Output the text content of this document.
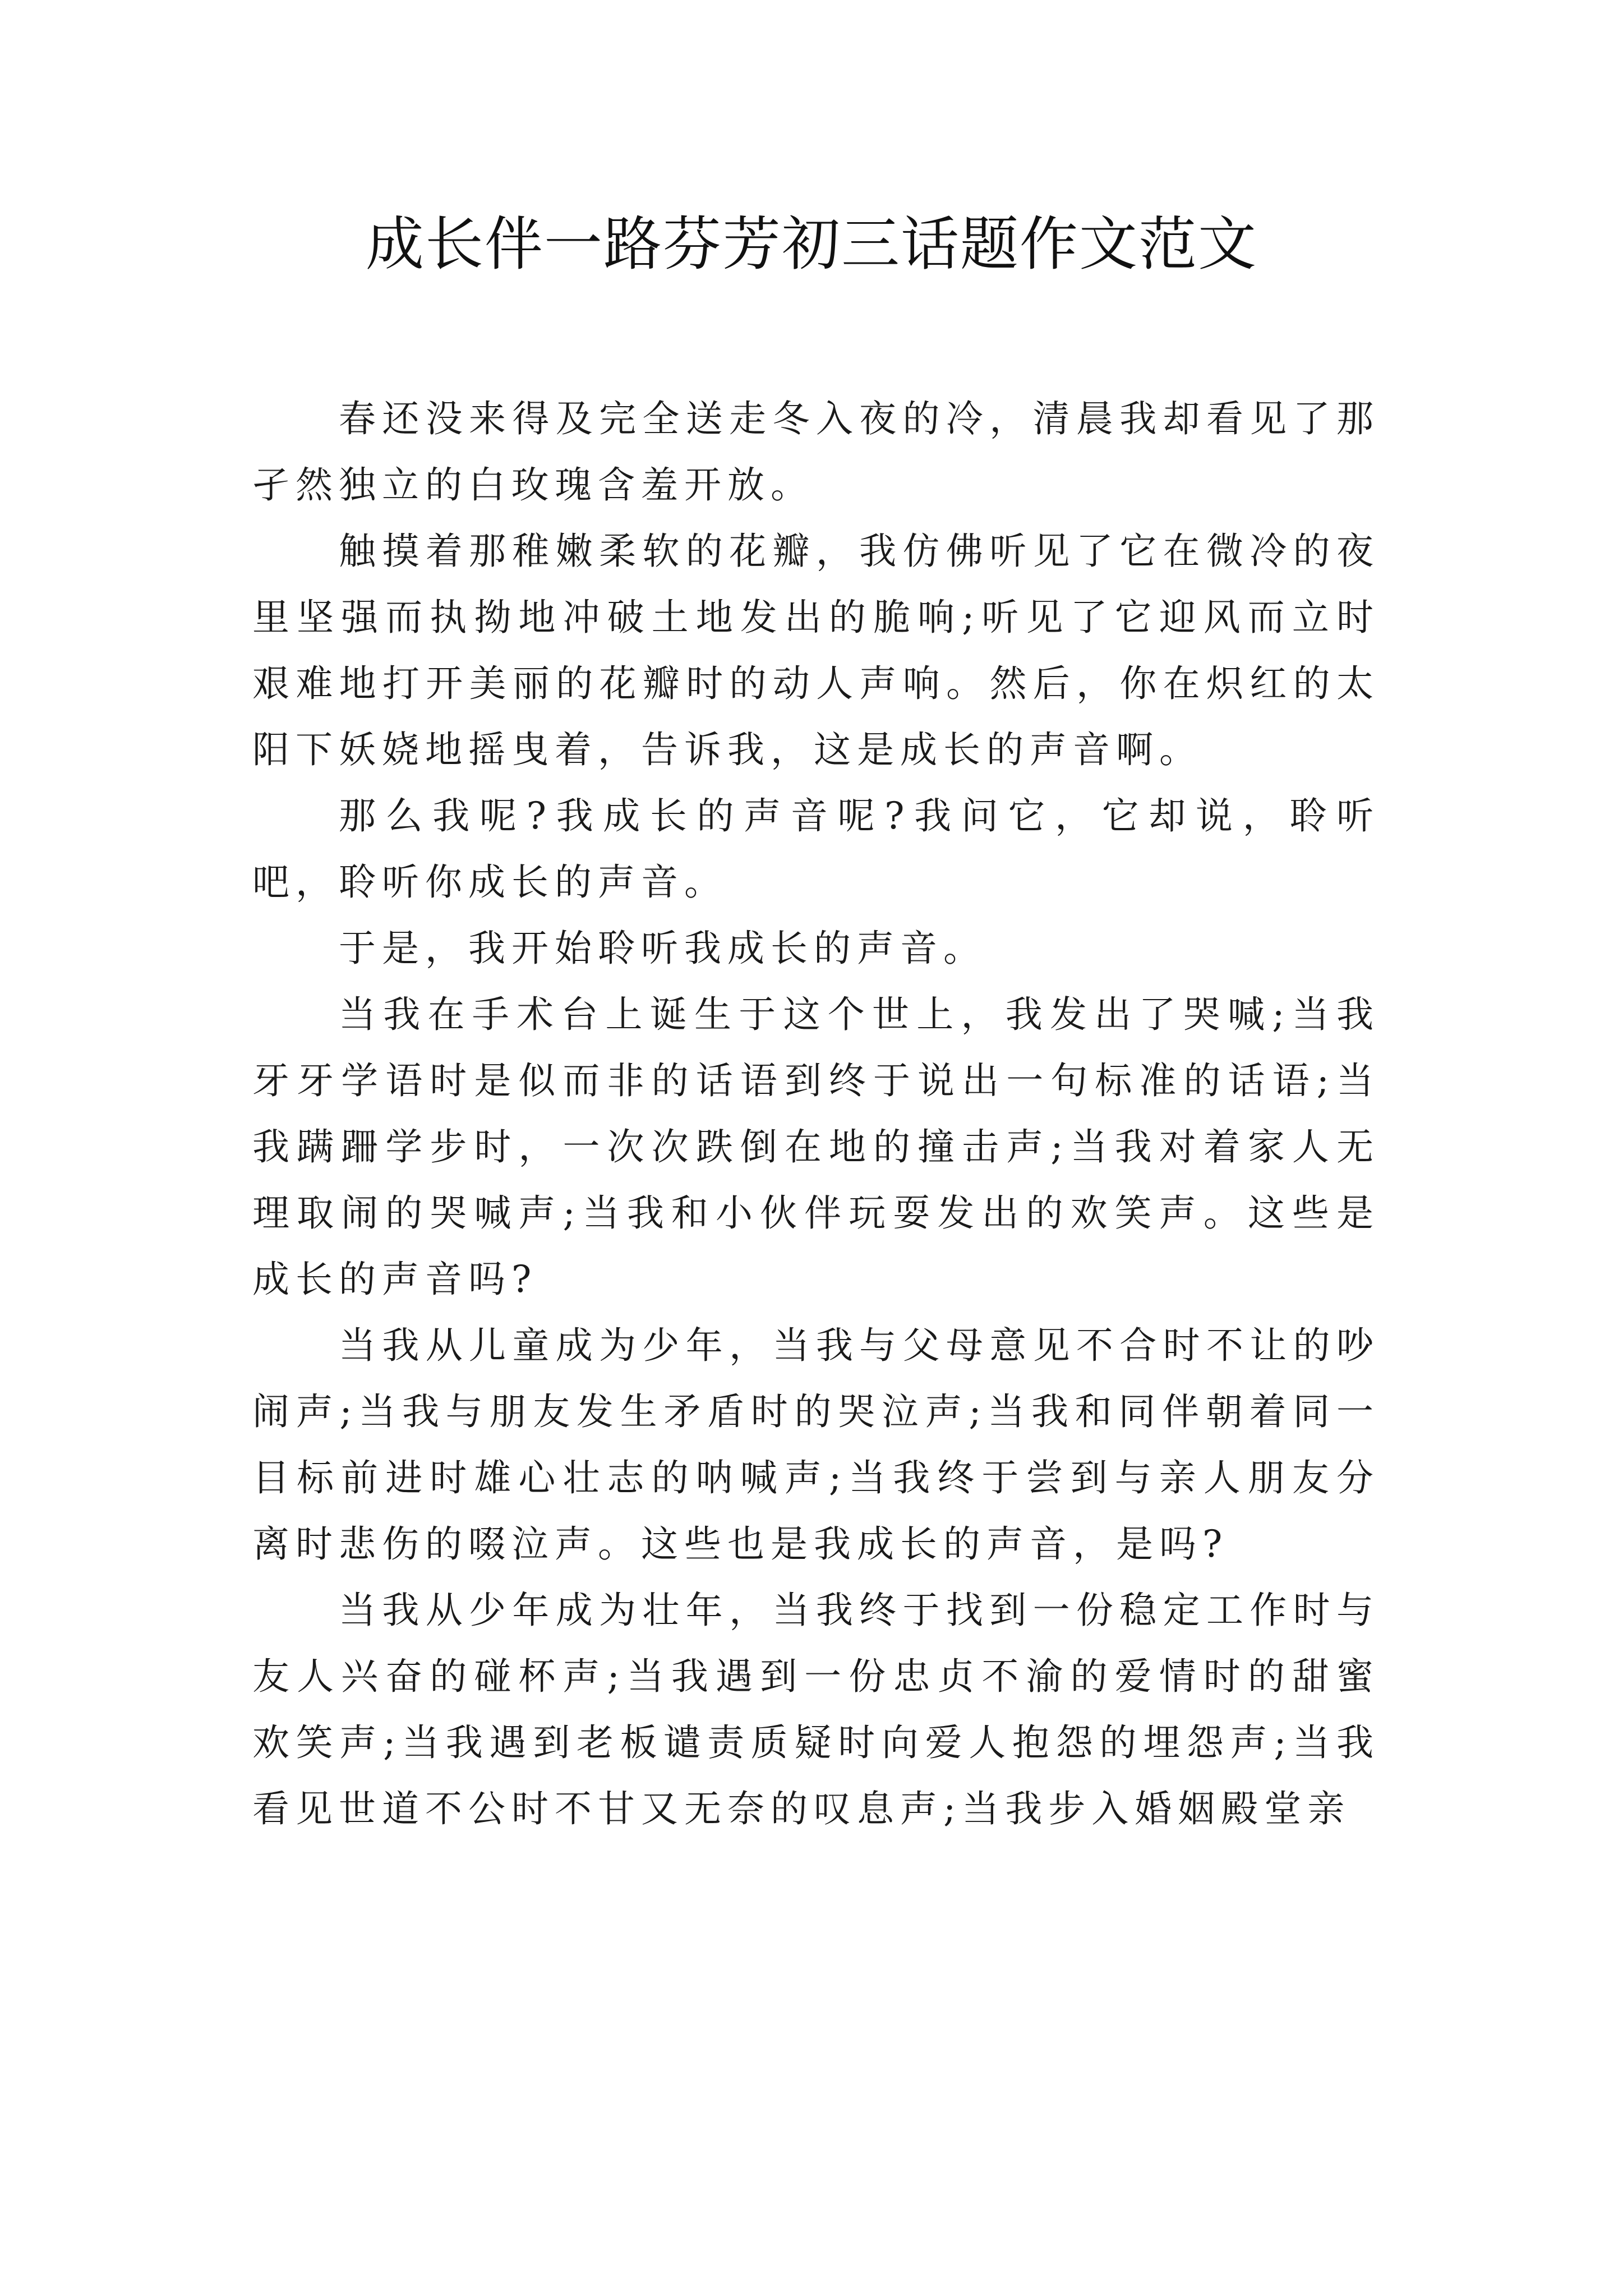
成长伴一路芬芳初三话题作文范文

春还没来得及完全送走冬入夜的冷，清晨我却看见了那孑然独立的白玫瑰含羞开放。

触摸着那稚嫩柔软的花瓣，我仿佛听见了它在微冷的夜里坚强而执拗地冲破土地发出的脆响;听见了它迎风而立时艰难地打开美丽的花瓣时的动人声响。然后，你在炽红的太阳下妖娆地摇曳着，告诉我，这是成长的声音啊。

那么我呢?我成长的声音呢?我问它，它却说，聆听吧，聆听你成长的声音。

于是，我开始聆听我成长的声音。

当我在手术台上诞生于这个世上，我发出了哭喊;当我牙牙学语时是似而非的话语到终于说出一句标准的话语;当我蹒跚学步时，一次次跌倒在地的撞击声;当我对着家人无理取闹的哭喊声;当我和小伙伴玩耍发出的欢笑声。这些是成长的声音吗?

当我从儿童成为少年，当我与父母意见不合时不让的吵闹声;当我与朋友发生矛盾时的哭泣声;当我和同伴朝着同一目标前进时雄心壮志的呐喊声;当我终于尝到与亲人朋友分离时悲伤的啜泣声。这些也是我成长的声音，是吗?

当我从少年成为壮年，当我终于找到一份稳定工作时与友人兴奋的碰杯声;当我遇到一份忠贞不渝的爱情时的甜蜜欢笑声;当我遇到老板谴责质疑时向爱人抱怨的埋怨声;当我看见世道不公时不甘又无奈的叹息声;当我步入婚姻殿堂亲
